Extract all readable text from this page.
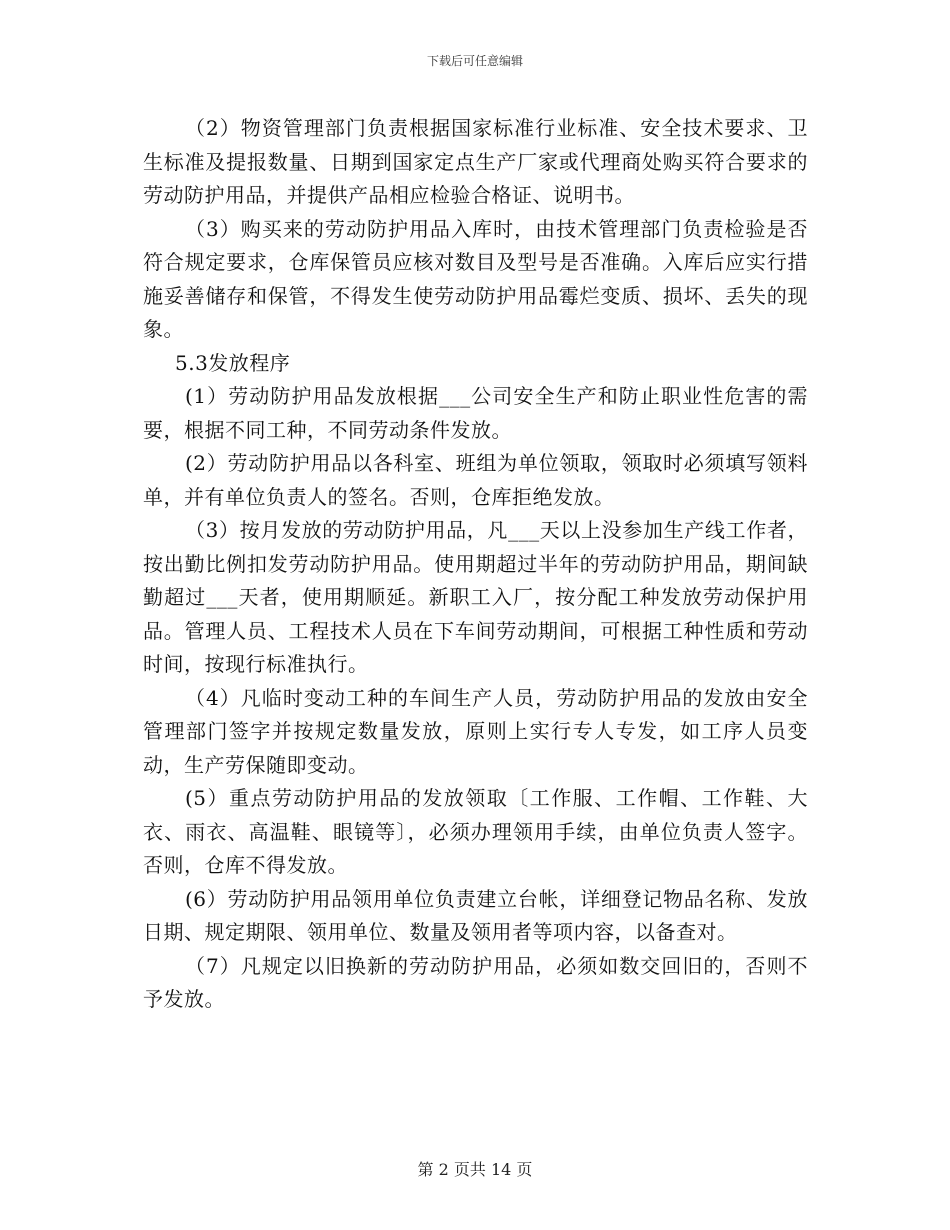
下载后可任意编辑

（2）物资管理部门负责根据国家标准行业标准、安全技术要求、卫生标准及提报数量、日期到国家定点生产厂家或代理商处购买符合要求的劳动防护用品，并提供产品相应检验合格证、说明书。

（3）购买来的劳动防护用品入库时，由技术管理部门负责检验是否符合规定要求，仓库保管员应核对数目及型号是否准确。入库后应实行措施妥善储存和保管，不得发生使劳动防护用品霉烂变质、损坏、丢失的现象。

5.3发放程序

(1）劳动防护用品发放根据___公司安全生产和防止职业性危害的需要，根据不同工种，不同劳动条件发放。

(2）劳动防护用品以各科室、班组为单位领取，领取时必须填写领料单，并有单位负责人的签名。否则，仓库拒绝发放。

（3）按月发放的劳动防护用品，凡___天以上没参加生产线工作者，按出勤比例扣发劳动防护用品。使用期超过半年的劳动防护用品，期间缺勤超过___天者，使用期顺延。新职工入厂，按分配工种发放劳动保护用品。管理人员、工程技术人员在下车间劳动期间，可根据工种性质和劳动时间，按现行标准执行。

（4）凡临时变动工种的车间生产人员，劳动防护用品的发放由安全管理部门签字并按规定数量发放，原则上实行专人专发，如工序人员变动，生产劳保随即变动。

(5）重点劳动防护用品的发放领取〔工作服、工作帽、工作鞋、大衣、雨衣、高温鞋、眼镜等〕，必须办理领用手续，由单位负责人签字。否则，仓库不得发放。

(6）劳动防护用品领用单位负责建立台帐，详细登记物品名称、发放日期、规定期限、领用单位、数量及领用者等项内容，以备查对。

（7）凡规定以旧换新的劳动防护用品，必须如数交回旧的，否则不予发放。

第 2 页共 14 页
